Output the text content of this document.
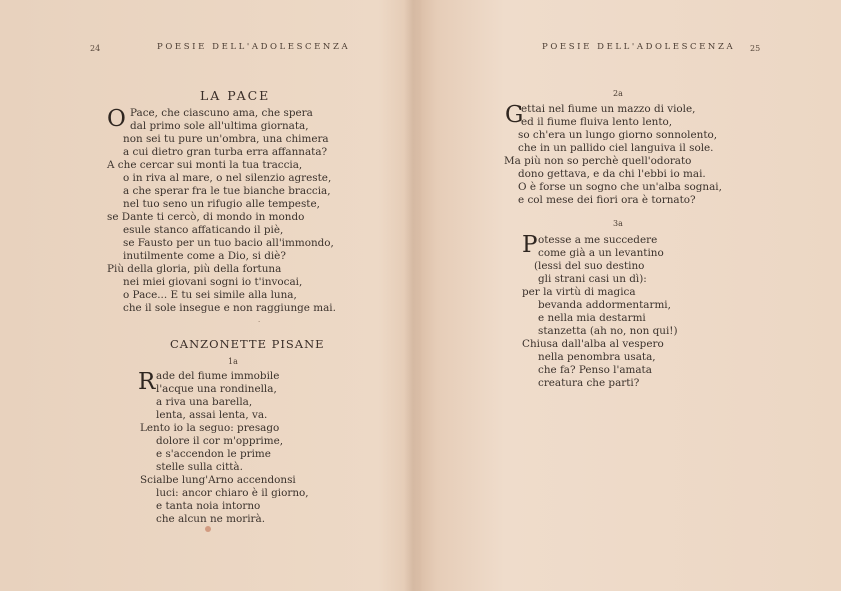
24	POESIE DELL'ADOLESCENZA
LA PACE
O Pace, che ciascuno ama, che spera
dal primo sole all'ultima giornata,
non sei tu pure un'ombra, una chimera
a cui dietro gran turba erra affannata?
A che cercar sui monti la tua traccia,
o in riva al mare, o nel silenzio agreste,
a che sperar fra le tue bianche braccia,
nel tuo seno un rifugio alle tempeste,
se Dante ti cercò, di mondo in mondo
esule stanco affaticando il piè,
se Fausto per un tuo bacio all'immondo,
inutilmente come a Dio, si diè?
Più della gloria, più della fortuna
nei miei giovani sogni io t'invocai,
o Pace... E tu sei simile alla luna,
che il sole insegue e non raggiunge mai.
·
CANZONETTE PISANE
1a
R ade del fiume immobile
l'acque una rondinella,
a riva una barella,
lenta, assai lenta, va.
Lento io la seguo: presago
dolore il cor m'opprime,
e s'accendon le prime
stelle sulla città.
Scialbe lung'Arno accendonsi
luci: ancor chiaro è il giorno,
e tanta noia intorno
che alcun ne morirà.
POESIE DELL'ADOLESCENZA 25
2a
G
ettai nel fiume un mazzo di viole,
ed il fiume fluiva lento lento,
so ch'era un lungo giorno sonnolento,
che in un pallido ciel languiva il sole.
Ma più non so perchè quell'odorato
dono gettava, e da chi l'ebbi io mai.
O è forse un sogno che un'alba sognai,
e col mese dei fiori ora è tornato?
3a
P otesse a me succedere
come già a un levantino
(lessi del suo destino
gli strani casi un dì):
per la virtù di magica
bevanda addormentarmi,
e nella mia destarmi
stanzetta (ah no, non qui!)
Chiusa dall'alba al vespero
nella penombra usata,
che fa? Penso l'amata
creatura che parti?
